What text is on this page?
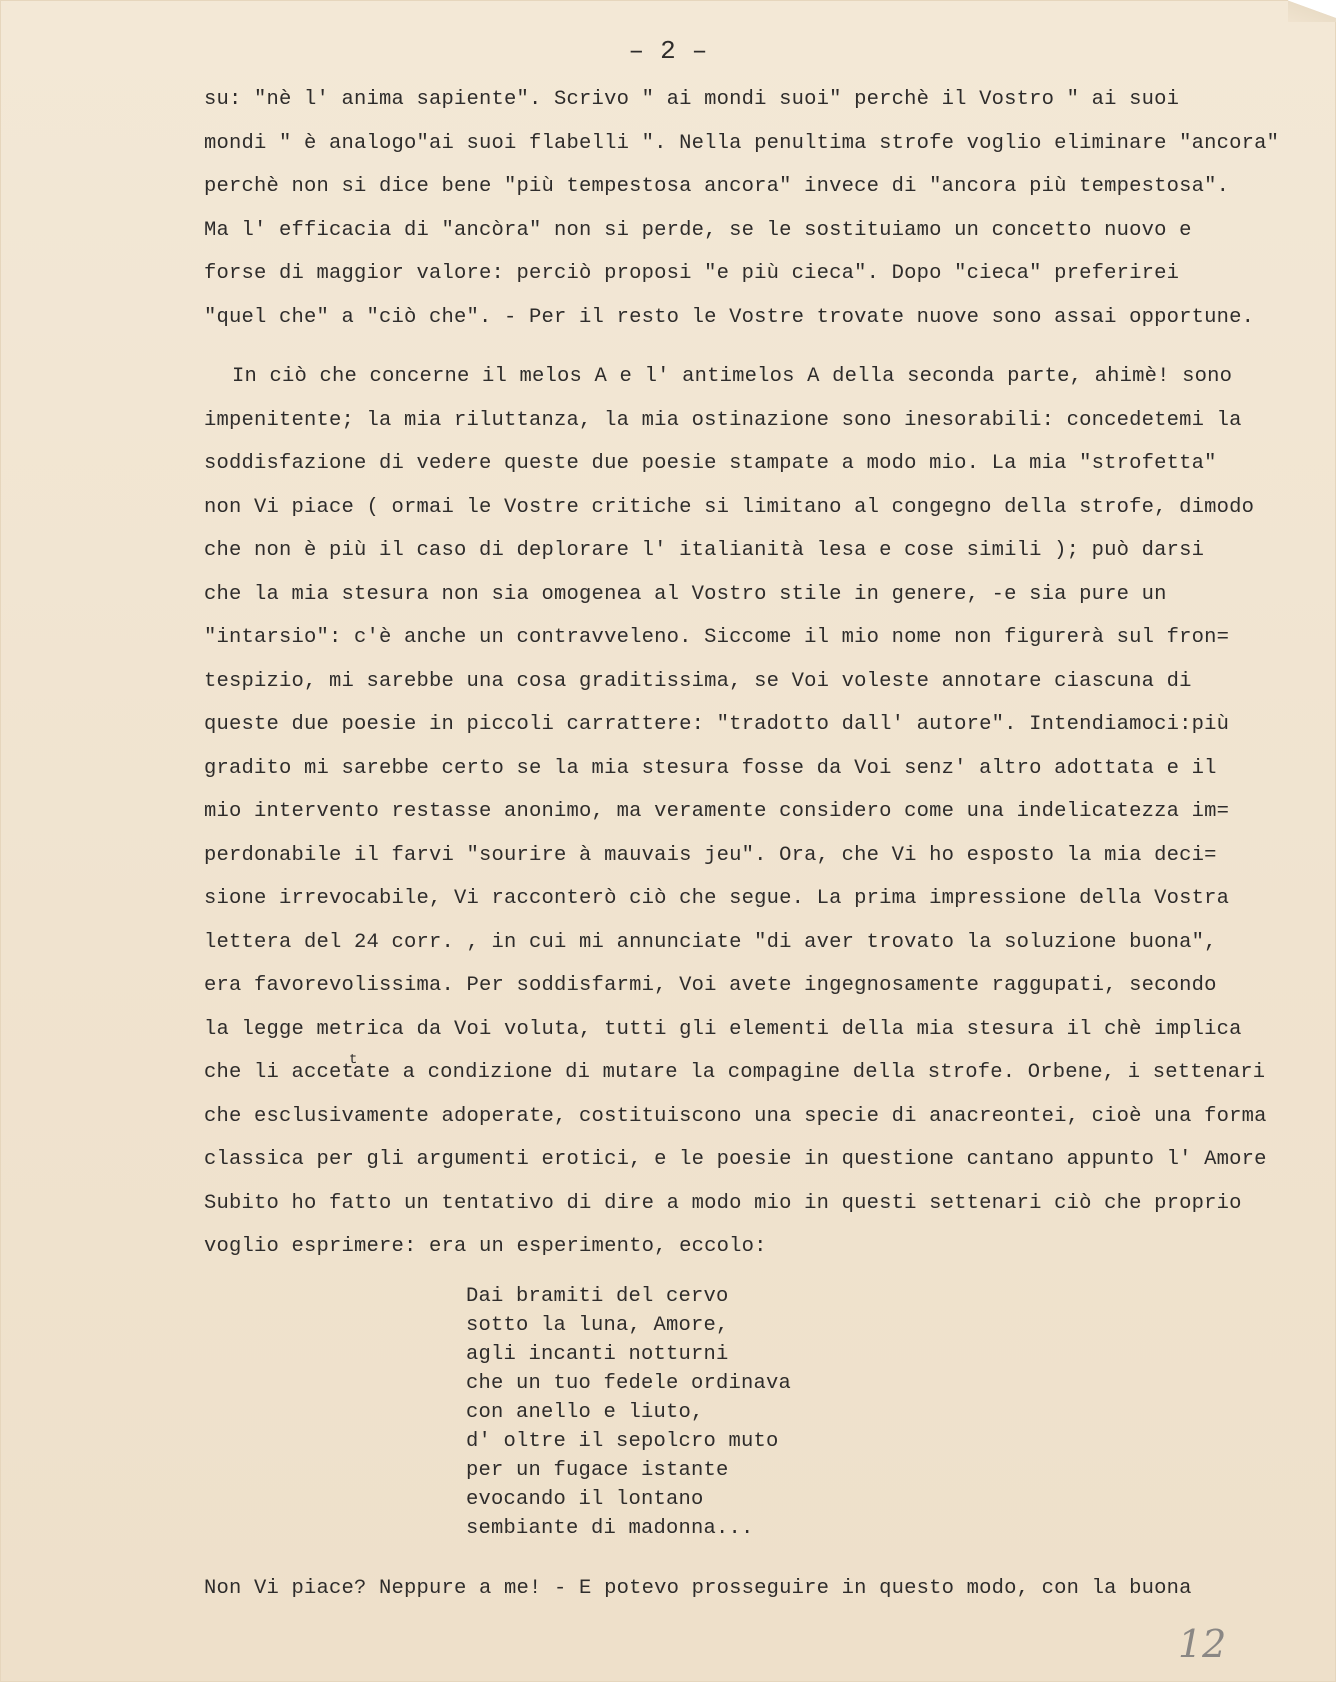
– 2 –
su: "nè l' anima sapiente". Scrivo " ai mondi suoi" perchè il Vostro " ai suoi
mondi " è analogo"ai suoi flabelli ". Nella penultima strofe voglio eliminare "ancora"
perchè non si dice bene "più tempestosa ancora" invece di "ancora più tempestosa".
Ma l' efficacia di "ancòra" non si perde, se le sostituiamo un concetto nuovo e
forse di maggior valore: perciò proposi "e più cieca". Dopo "cieca" preferirei
"quel che" a "ciò che". - Per il resto le Vostre trovate nuove sono assai opportune.
In ciò che concerne il melos A e l' antimelos A della seconda parte, ahimè! sono
impenitente; la mia riluttanza, la mia ostinazione sono inesorabili: concedetemi la
soddisfazione di vedere queste due poesie stampate a modo mio. La mia "strofetta"
non Vi piace ( ormai le Vostre critiche si limitano al congegno della strofe, dimodo
che non è più il caso di deplorare l' italianità lesa e cose simili ); può darsi
che la mia stesura non sia omogenea al Vostro stile in genere, -e sia pure un
"intarsio": c'è anche un contravveleno. Siccome il mio nome non figurerà sul fron=
tespizio, mi sarebbe una cosa graditissima, se Voi voleste annotare ciascuna di
queste due poesie in piccoli carrattere: "tradotto dall' autore". Intendiamoci:più
gradito mi sarebbe certo se la mia stesura fosse da Voi senz' altro adottata e il
mio intervento restasse anonimo, ma veramente considero come una indelicatezza im=
perdonabile il farvi "sourire à mauvais jeu". Ora, che Vi ho esposto la mia deci=
sione irrevocabile, Vi racconterò ciò che segue. La prima impressione della Vostra
lettera del 24 corr. , in cui mi annunciate "di aver trovato la soluzione buona",
era favorevolissima. Per soddisfarmi, Voi avete ingegnosamente raggupati, secondo
la legge metrica da Voi voluta, tutti gli elementi della mia stesura il chè implica
che li accet$^t$ate a condizione di mutare la compagine della strofe. Orbene, i settenari
che esclusivamente adoperate, costituiscono una specie di anacreontei, cioè una forma
classica per gli argumenti erotici, e le poesie in questione cantano appunto l' Amore
Subito ho fatto un tentativo di dire a modo mio in questi settenari ciò che proprio
voglio esprimere: era un esperimento, eccolo:
Dai bramiti del cervo
sotto la luna, Amore,
agli incanti notturni
che un tuo fedele ordinava
con anello e liuto,
d' oltre il sepolcro muto
per un fugace istante
evocando il lontano
sembiante di madonna...
Non Vi piace? Neppure a me! - E potevo prosseguire in questo modo, con la buona
12
